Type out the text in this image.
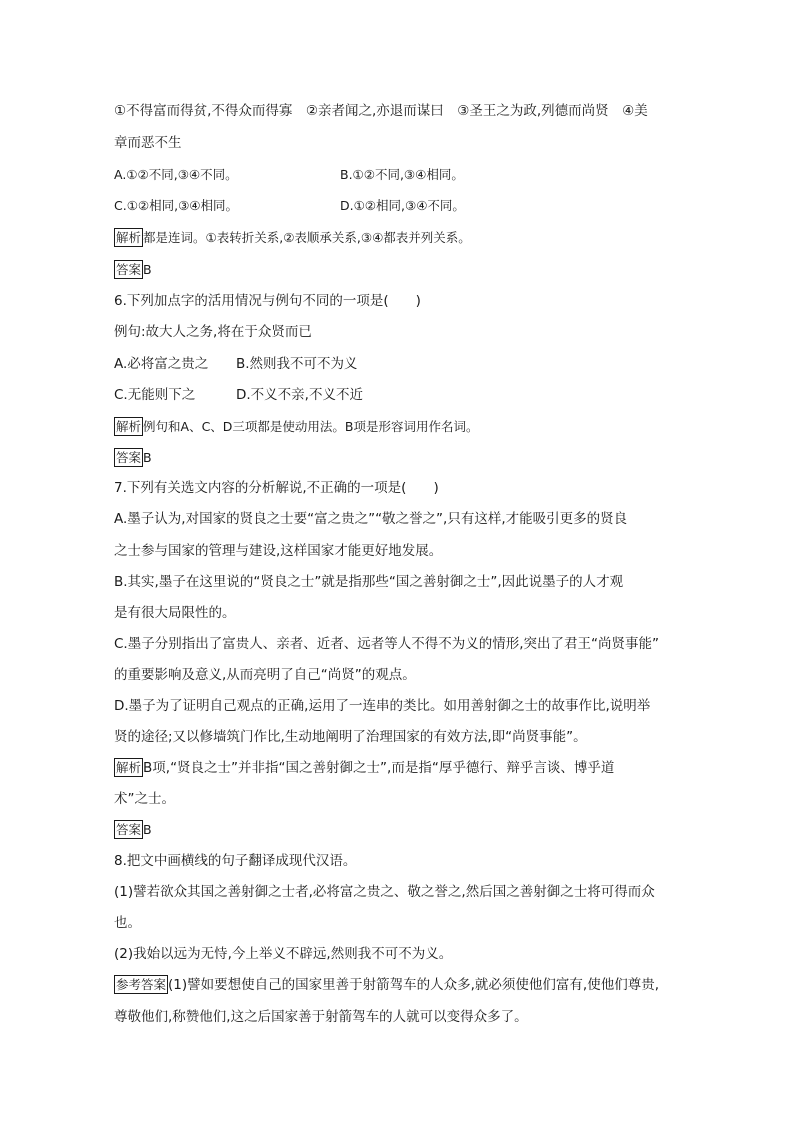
①不得富而得贫,不得众而得寡　②亲者闻之,亦退而谋曰　③圣王之为政,列德而尚贤　④美
章而恶不生
A.①②不同,③④不同。	B.①②不同,③④相同。
C.①②相同,③④相同。	D.①②相同,③④不同。
解析 都是连词。①表转折关系,②表顺承关系,③④都表并列关系。
答案 B
6.下列加点字的活用情况与例句不同的一项是(　　)
例句:故大人之务,将在于众贤而已
A.必将富之贵之 B.然则我不可不为义
C.无能则下之	D.不义不亲,不义不近
解析 例句和A、C、D三项都是使动用法。B项是形容词用作名词。
答案 B
7.下列有关选文内容的分析解说,不正确的一项是(　　)
A.墨子认为,对国家的贤良之士要“富之贵之”“敬之誉之”,只有这样,才能吸引更多的贤良
之士参与国家的管理与建设,这样国家才能更好地发展。
B.其实,墨子在这里说的“贤良之士”就是指那些“国之善射御之士”,因此说墨子的人才观
是有很大局限性的。
C.墨子分别指出了富贵人、亲者、近者、远者等人不得不为义的情形,突出了君王“尚贤事能”
的重要影响及意义,从而亮明了自己“尚贤”的观点。
D.墨子为了证明自己观点的正确,运用了一连串的类比。如用善射御之士的故事作比,说明举
贤的途径;又以修墙筑门作比,生动地阐明了治理国家的有效方法,即“尚贤事能”。
解析 B项,“贤良之士”并非指“国之善射御之士”,而是指“厚乎德行、辩乎言谈、博乎道
术”之士。
答案 B
8.把文中画横线的句子翻译成现代汉语。
(1)譬若欲众其国之善射御之士者,必将富之贵之、敬之誉之,然后国之善射御之士将可得而众
也。
(2)我始以远为无恃,今上举义不辟远,然则我不可不为义。
参考答案 (1)譬如要想使自己的国家里善于射箭驾车的人众多,就必须使他们富有,使他们尊贵,
尊敬他们,称赞他们,这之后国家善于射箭驾车的人就可以变得众多了。
